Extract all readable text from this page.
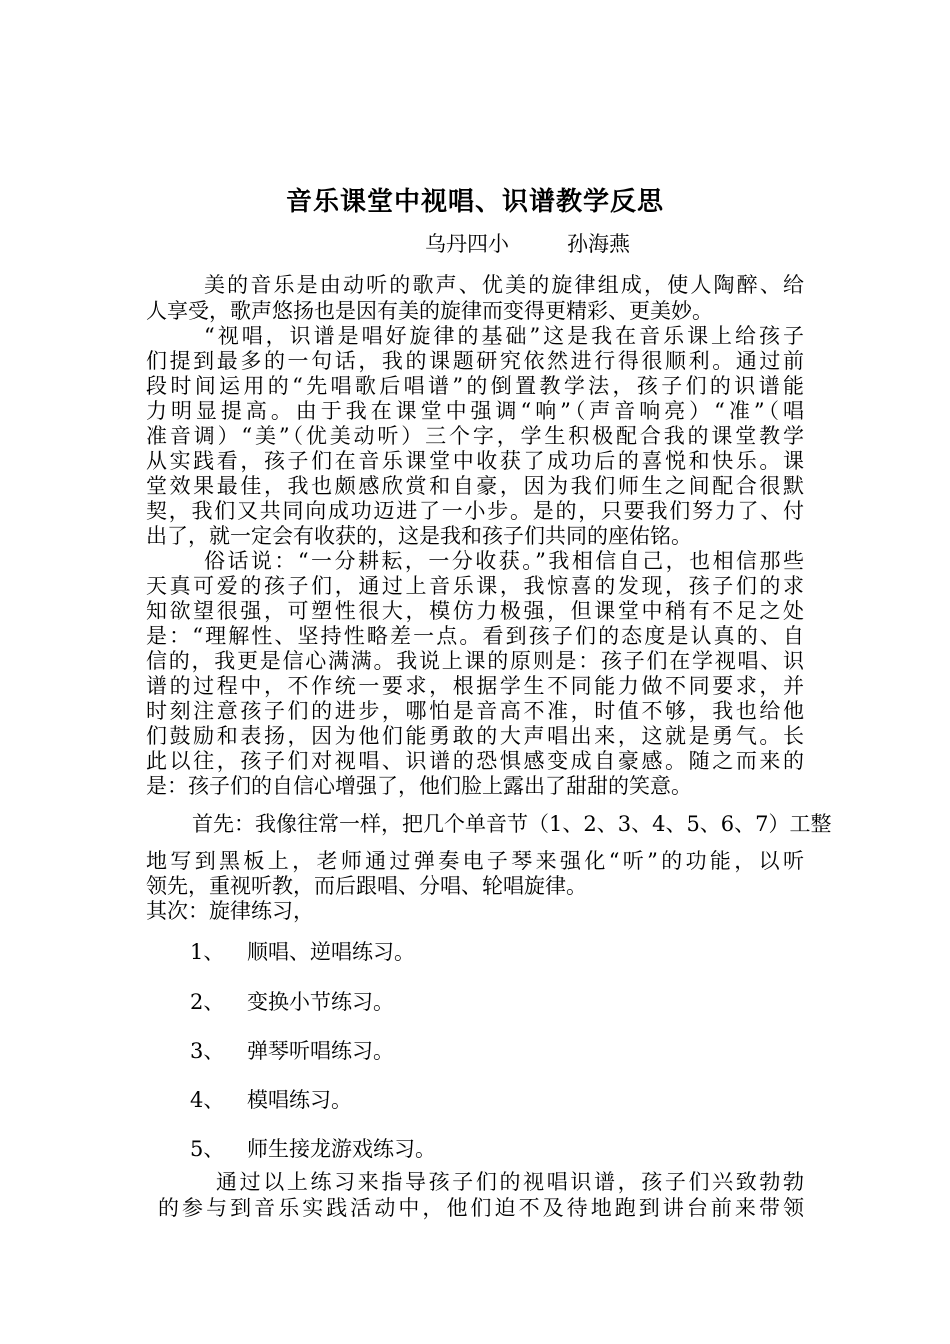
音乐课堂中视唱、识谱教学反思
乌丹四小	孙海燕
美的音乐是由动听的歌声、优美的旋律组成，使人陶醉、给
人享受，歌声悠扬也是因有美的旋律而变得更精彩、更美妙。
“视唱，识谱是唱好旋律的基础”这是我在音乐课上给孩子
们提到最多的一句话，我的课题研究依然进行得很顺利。通过前
段时间运用的“先唱歌后唱谱”的倒置教学法，孩子们的识谱能
力明显提高。由于我在课堂中强调“响”（声音响亮）“准”（唱
准音调）“美”（优美动听）三个字，学生积极配合我的课堂教学
从实践看，孩子们在音乐课堂中收获了成功后的喜悦和快乐。课
堂效果最佳，我也颇感欣赏和自豪，因为我们师生之间配合很默
契，我们又共同向成功迈进了一小步。是的，只要我们努力了、付
出了，就一定会有收获的，这是我和孩子们共同的座佑铭。
俗话说：“一分耕耘，一分收获。”我相信自己，也相信那些
天真可爱的孩子们，通过上音乐课，我惊喜的发现，孩子们的求
知欲望很强，可塑性很大，模仿力极强，但课堂中稍有不足之处
是：“理解性、坚持性略差一点。看到孩子们的态度是认真的、自
信的，我更是信心满满。我说上课的原则是：孩子们在学视唱、识
谱的过程中，不作统一要求，根据学生不同能力做不同要求，并
时刻注意孩子们的进步，哪怕是音高不准，时值不够，我也给他
们鼓励和表扬，因为他们能勇敢的大声唱出来，这就是勇气。长
此以往，孩子们对视唱、识谱的恐惧感变成自豪感。随之而来的
是：孩子们的自信心增强了，他们脸上露出了甜甜的笑意。
首先：我像往常一样，把几个单音节（1、2、3、4、5、6、7）工整
地写到黑板上，老师通过弹奏电子琴来强化“听”的功能，以听
领先，重视听教，而后跟唱、分唱、轮唱旋律。
其次：旋律练习，
1、 顺唱、逆唱练习。
2、 变换小节练习。
3、 弹琴听唱练习。
4、 模唱练习。
5、 师生接龙游戏练习。
通过以上练习来指导孩子们的视唱识谱，孩子们兴致勃勃
的参与到音乐实践活动中，他们迫不及待地跑到讲台前来带领
